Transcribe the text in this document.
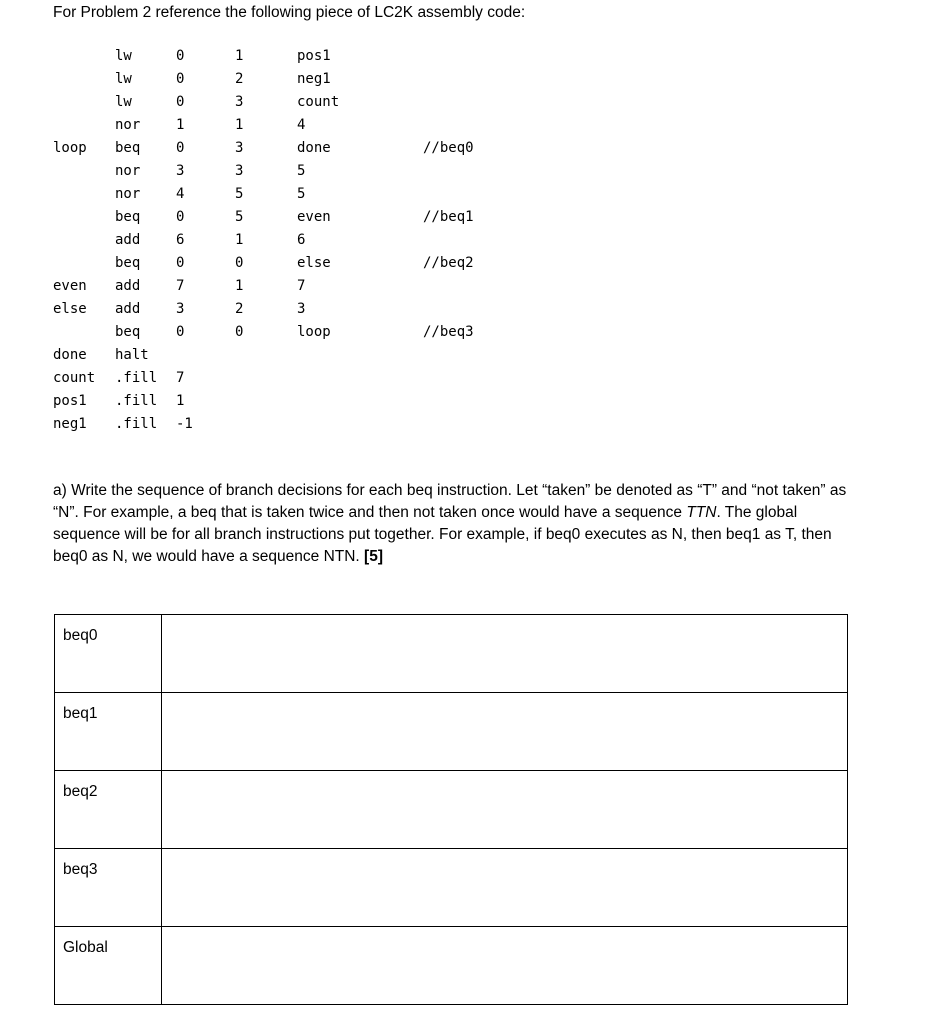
For Problem 2 reference the following piece of LC2K assembly code:
lw	0	1	pos1
lw	0	2	neg1
lw	0	3	count
nor	1	1	4
loop beq	0	3	done	//beq0
nor	3	3	5
nor	4	5	5
beq	0	5	even	//beq1
add	6	1	6
beq	0	0	else	//beq2
even add	7	1	7
else add	3	2	3
beq	0	0	loop	//beq3
done halt
count .fill 7
pos1 .fill 1
neg1 .fill -1
a) Write the sequence of branch decisions for each beq instruction. Let “taken” be denoted as “T” and “not taken” as “N”. For example, a beq that is taken twice and then not taken once would have a sequence TTN. The global sequence will be for all branch instructions put together. For example, if beq0 executes as N, then beq1 as T, then beq0 as N, we would have a sequence NTN. [5]
beq0	
beq1	
beq2	
beq3	
Global	
